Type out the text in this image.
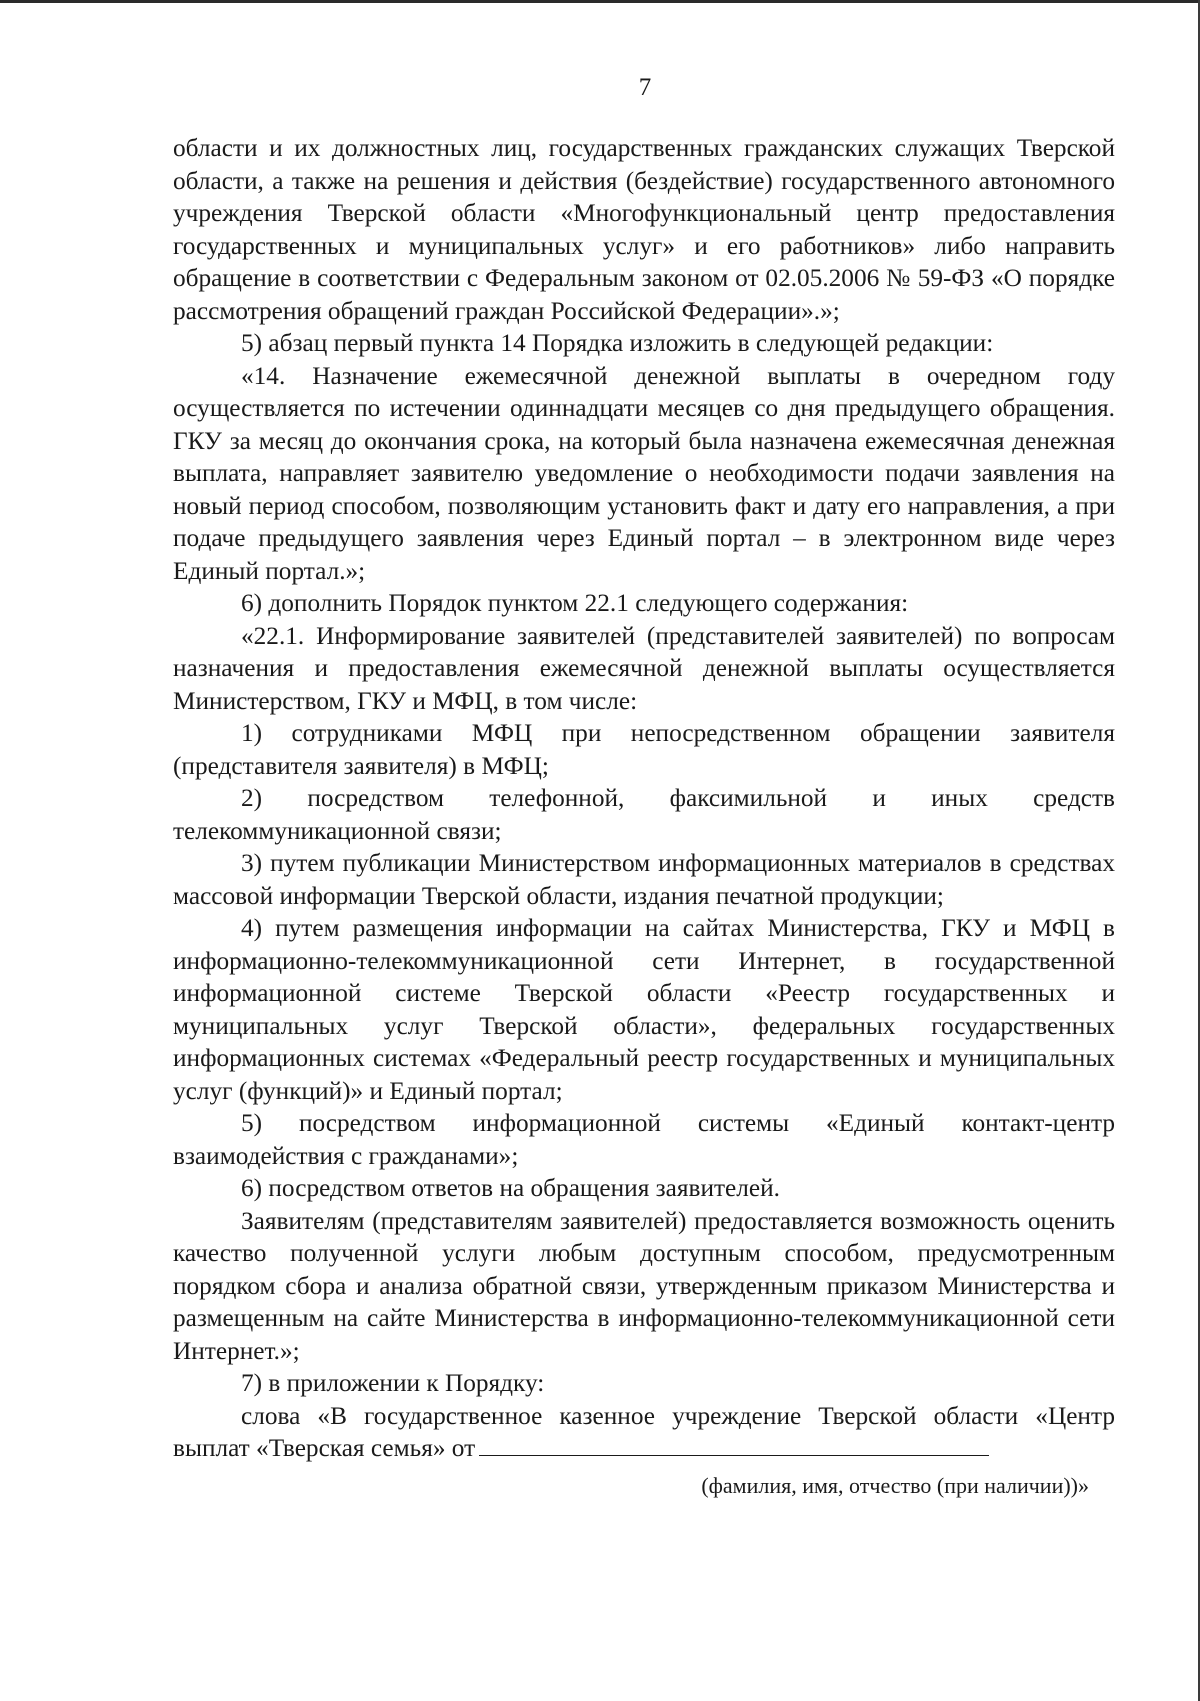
7

области и их должностных лиц, государственных гражданских служащих Тверской области, а также на решения и действия (бездействие) государственного автономного учреждения Тверской области «Многофункциональный центр предоставления государственных и муниципальных услуг» и его работников» либо направить обращение в соответствии с Федеральным законом от 02.05.2006 № 59-ФЗ «О порядке рассмотрения обращений граждан Российской Федерации».»;

5) абзац первый пункта 14 Порядка изложить в следующей редакции:

«14. Назначение ежемесячной денежной выплаты в очередном году осуществляется по истечении одиннадцати месяцев со дня предыдущего обращения. ГКУ за месяц до окончания срока, на который была назначена ежемесячная денежная выплата, направляет заявителю уведомление о необходимости подачи заявления на новый период способом, позволяющим установить факт и дату его направления, а при подаче предыдущего заявления через Единый портал – в электронном виде через Единый портал.»;

6) дополнить Порядок пунктом 22.1 следующего содержания:

«22.1. Информирование заявителей (представителей заявителей) по вопросам назначения и предоставления ежемесячной денежной выплаты осуществляется Министерством, ГКУ и МФЦ, в том числе:

1) сотрудниками МФЦ при непосредственном обращении заявителя (представителя заявителя) в МФЦ;

2) посредством телефонной, факсимильной и иных средств телекоммуникационной связи;

3) путем публикации Министерством информационных материалов в средствах массовой информации Тверской области, издания печатной продукции;

4) путем размещения информации на сайтах Министерства, ГКУ и МФЦ в информационно-телекоммуникационной сети Интернет, в государственной информационной системе Тверской области «Реестр государственных и муниципальных услуг Тверской области», федеральных государственных информационных системах «Федеральный реестр государственных и муниципальных услуг (функций)» и Единый портал;

5) посредством информационной системы «Единый контакт-центр взаимодействия с гражданами»;

6) посредством ответов на обращения заявителей.

Заявителям (представителям заявителей) предоставляется возможность оценить качество полученной услуги любым доступным способом, предусмотренным порядком сбора и анализа обратной связи, утвержденным приказом Министерства и размещенным на сайте Министерства в информационно-телекоммуникационной сети Интернет.»;

7) в приложении к Порядку:

слова «В государственное казенное учреждение Тверской области «Центр выплат «Тверская семья» от

(фамилия, имя, отчество (при наличии))»
